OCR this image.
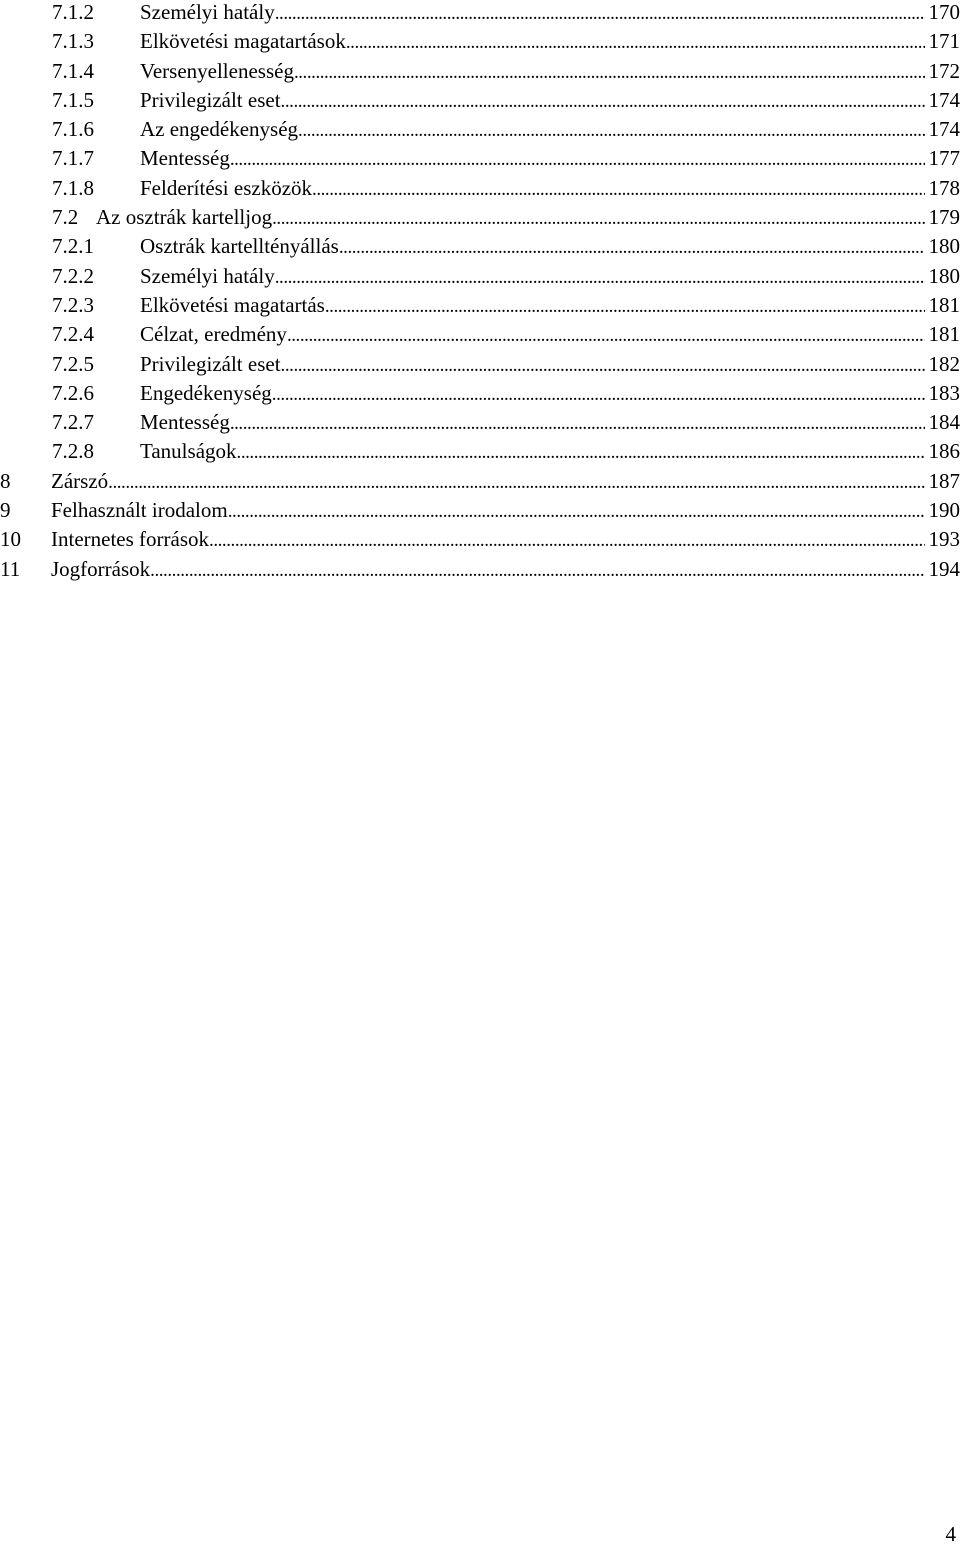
7.1.2 Személyi hatály . . .	170
7.1.3 Elkövetési magatartások . . .	171
7.1.4 Versenyellenesség . . .	172
7.1.5 Privilegizált eset . . .	174
7.1.6 Az engedékenység . . .	174
7.1.7 Mentesség . . .	177
7.1.8 Felderítési eszközök . . .	178
7.2 Az osztrák kartelljog . . .	179
7.2.1 Osztrák kartelltényállás . . .	180
7.2.2 Személyi hatály . . .	180
7.2.3 Elkövetési magatartás . . .	181
7.2.4 Célzat, eredmény . . .	181
7.2.5 Privilegizált eset . . .	182
7.2.6 Engedékenység . . .	183
7.2.7 Mentesség . . .	184
7.2.8 Tanulságok . . .	186
8 Zárszó . . .	187
9 Felhasznált irodalom . . .	190
10 Internetes források . . .	193
11 Jogforrások . . .	194
4
